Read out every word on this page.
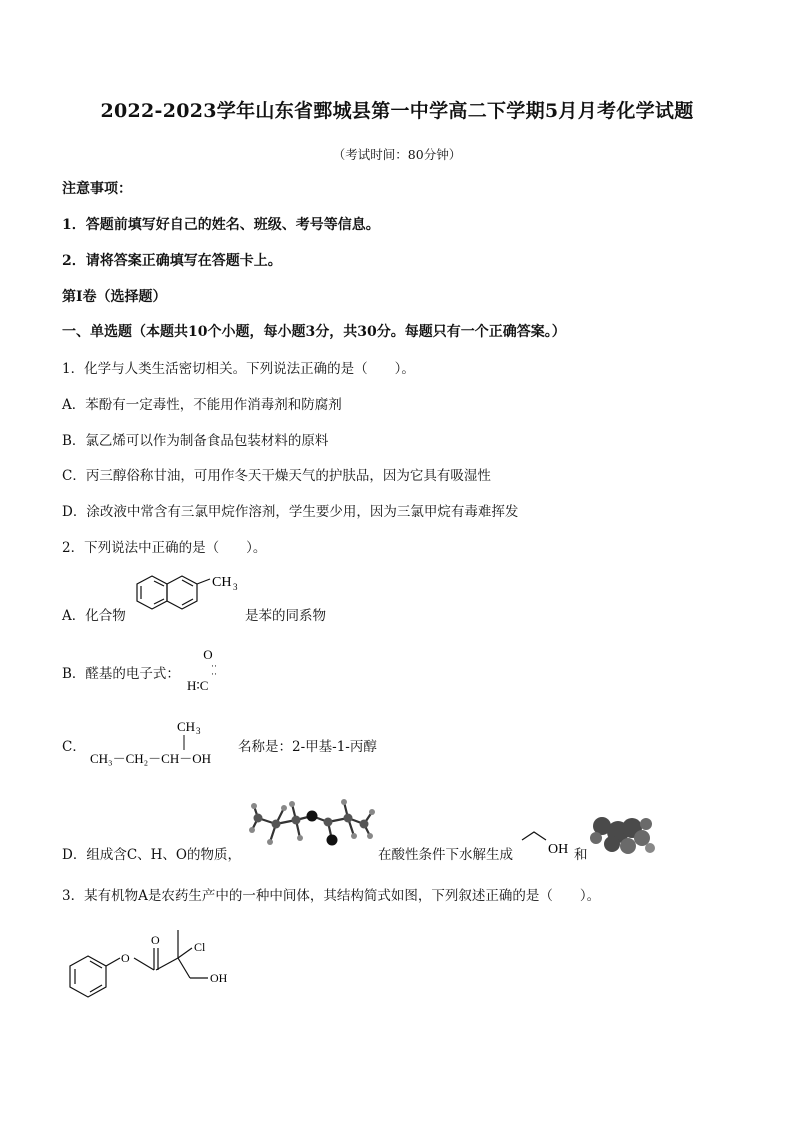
2022-2023学年山东省鄄城县第一中学高二下学期5月月考化学试题
（考试时间：80分钟）
注意事项：
1．答题前填写好自己的姓名、班级、考号等信息。
2．请将答案正确填写在答题卡上。
第Ⅰ卷（选择题）
一、单选题（本题共10个小题，每小题3分，共30分。每题只有一个正确答案。）
1．化学与人类生活密切相关。下列说法正确的是（　　）。
A．苯酚有一定毒性，不能用作消毒剂和防腐剂
B．氯乙烯可以作为制备食品包装材料的原料
C．丙三醇俗称甘油，可用作冬天干燥天气的护肤品，因为它具有吸湿性
D．涂改液中常含有三氯甲烷作溶剂，学生要少用，因为三氯甲烷有毒难挥发
2．下列说法中正确的是（　　）。
A．化合物
CH 3
是苯的同系物
B．醛基的电子式：
O
··
··
H∶C
C．
CH 3
CH₃－CH₂－CH－OH
名称是：2-甲基-1-丙醇
D．组成含C、H、O的物质，	在酸性条件下水解生成	OH 和
3．某有机物A是农药生产中的一种中间体，其结构简式如图，下列叙述正确的是（　　）。
O
O	Cl
OH
